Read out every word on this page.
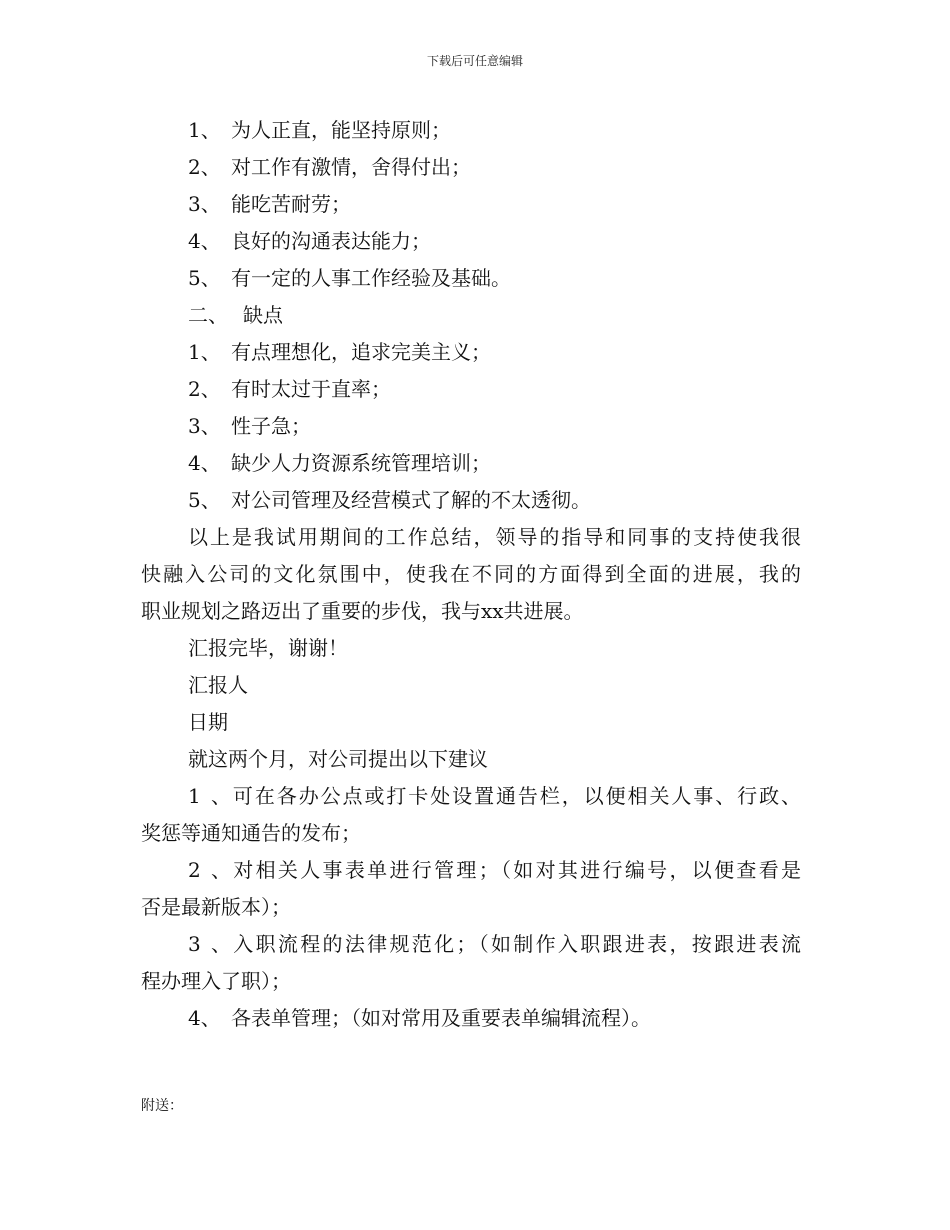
下载后可任意编辑
1、 为人正直，能坚持原则；
2、 对工作有激情，舍得付出；
3、 能吃苦耐劳；
4、 良好的沟通表达能力；
5、 有一定的人事工作经验及基础。
二、 缺点
1、 有点理想化，追求完美主义；
2、 有时太过于直率；
3、 性子急；
4、 缺少人力资源系统管理培训；
5、 对公司管理及经营模式了解的不太透彻。
以上是我试用期间的工作总结，领导的指导和同事的支持使我很
快融入公司的文化氛围中，使我在不同的方面得到全面的进展，我的
职业规划之路迈出了重要的步伐，我与xx共进展。
汇报完毕，谢谢！
汇报人
日期
就这两个月，对公司提出以下建议
1、可在各办公点或打卡处设置通告栏，以便相关人事、行政、
奖惩等通知通告的发布；
2、对相关人事表单进行管理；（如对其进行编号，以便查看是
否是最新版本）；
3、入职流程的法律规范化；（如制作入职跟进表，按跟进表流
程办理入了职）；
4、 各表单管理；（如对常用及重要表单编辑流程）。
附送：
